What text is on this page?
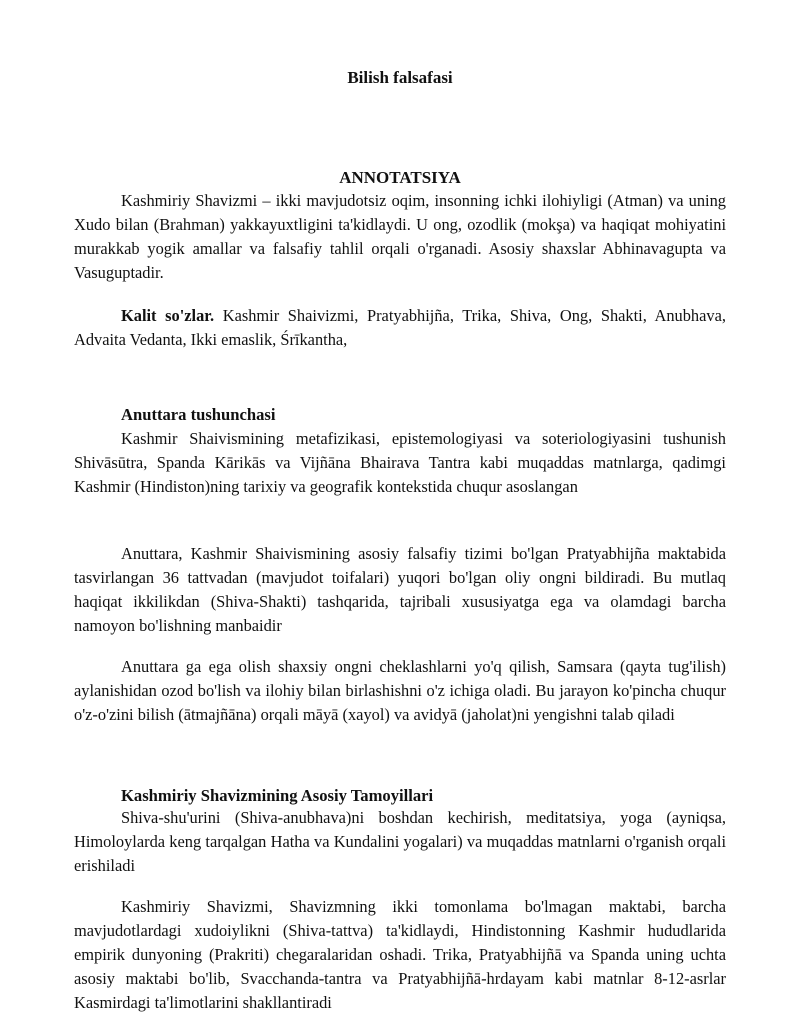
Bilish falsafasi
ANNOTATSIYA
Kashmiriy Shavizmi – ikki mavjudotsiz oqim, insonning ichki ilohiyligi (Atman) va uning Xudo bilan (Brahman) yakkayuxtligini ta'kidlaydi. U ong, ozodlik (mokşa) va haqiqat mohiyatini murakkab yogik amallar va falsafiy tahlil orqali o'rganadi. Asosiy shaxslar Abhinavagupta va Vasuguptadir.
Kalit so'zlar. Kashmir Shaivizmi, Pratyabhijña, Trika, Shiva, Ong, Shakti, Anubhava, Advaita Vedanta, Ikki emaslik, Śrīkantha,
Anuttara tushunchasi
Kashmir Shaivismining metafizikasi, epistemologiyasi va soteriologiyasini tushunish Shivāsūtra, Spanda Kārikās va Vijñāna Bhairava Tantra kabi muqaddas matnlarga, qadimgi Kashmir (Hindiston)ning tarixiy va geografik kontekstida chuqur asoslangan
Anuttara, Kashmir Shaivismining asosiy falsafiy tizimi bo'lgan Pratyabhijña maktabida tasvirlangan 36 tattvadan (mavjudot toifalari) yuqori bo'lgan oliy ongni bildiradi. Bu mutlaq haqiqat ikkilikdan (Shiva-Shakti) tashqarida, tajribali xususiyatga ega va olamdagi barcha namoyon bo'lishning manbaidir
Anuttara ga ega olish shaxsiy ongni cheklashlarni yo'q qilish, Samsara (qayta tug'ilish) aylanishidan ozod bo'lish va ilohiy bilan birlashishni o'z ichiga oladi. Bu jarayon ko'pincha chuqur o'z-o'zini bilish (ātmajñāna) orqali māyā (xayol) va avidyā (jaholat)ni yengishni talab qiladi
Kashmiriy Shavizmining Asosiy Tamoyillari
Shiva-shu'urini (Shiva-anubhava)ni boshdan kechirish, meditatsiya, yoga (ayniqsa, Himoloylarda keng tarqalgan Hatha va Kundalini yogalari) va muqaddas matnlarni o'rganish orqali erishiladi
Kashmiriy Shavizmi, Shavizmning ikki tomonlama bo'lmagan maktabi, barcha mavjudotlardagi xudoiylikni (Shiva-tattva) ta'kidlaydi, Hindistonning Kashmir hududlarida empirik dunyoning (Prakriti) chegaralaridan oshadi. Trika, Pratyabhijñā va Spanda uning uchta asosiy maktabi bo'lib, Svacchanda-tantra va Pratyabhijñā-hrdayam kabi matnlar 8-12-asrlar Kasmirdagi ta'limotlarini shakllantiradi
